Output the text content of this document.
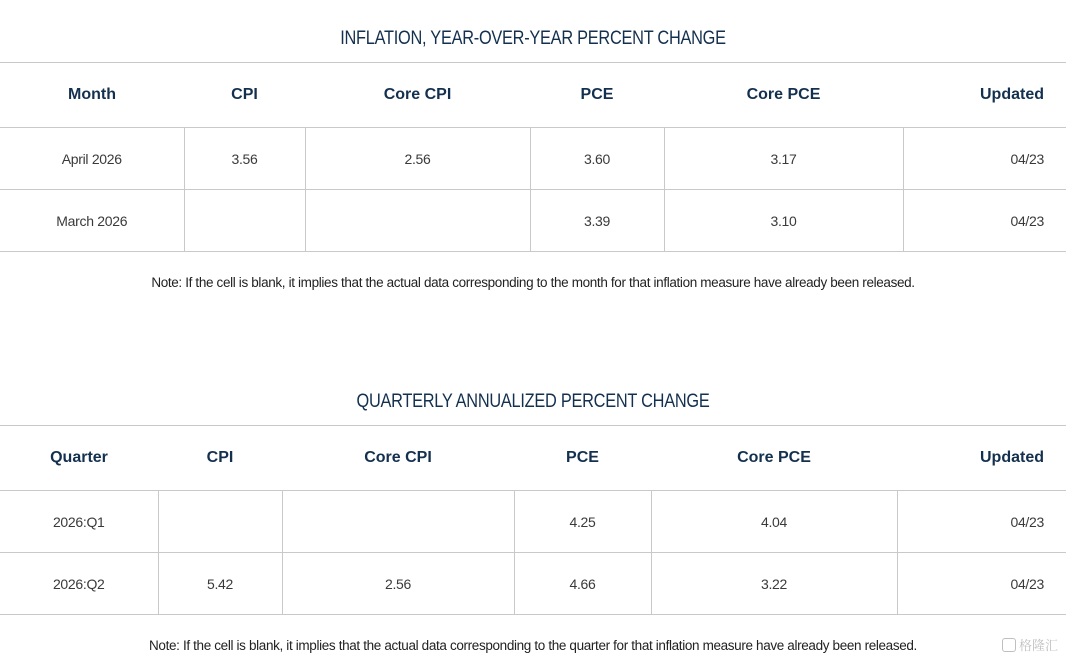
INFLATION, YEAR-OVER-YEAR PERCENT CHANGE
Month	CPI	Core CPI	PCE	Core PCE	Updated
April 2026	3.56	2.56	3.60	3.17	04/23
March 2026			3.39	3.10	04/23
Note: If the cell is blank, it implies that the actual data corresponding to the month for that inflation measure have already been released.
QUARTERLY ANNUALIZED PERCENT CHANGE
Quarter	CPI	Core CPI	PCE	Core PCE	Updated
2026:Q1			4.25	4.04	04/23
2026:Q2	5.42	2.56	4.66	3.22	04/23
Note: If the cell is blank, it implies that the actual data corresponding to the quarter for that inflation measure have already been released.	格隆汇
